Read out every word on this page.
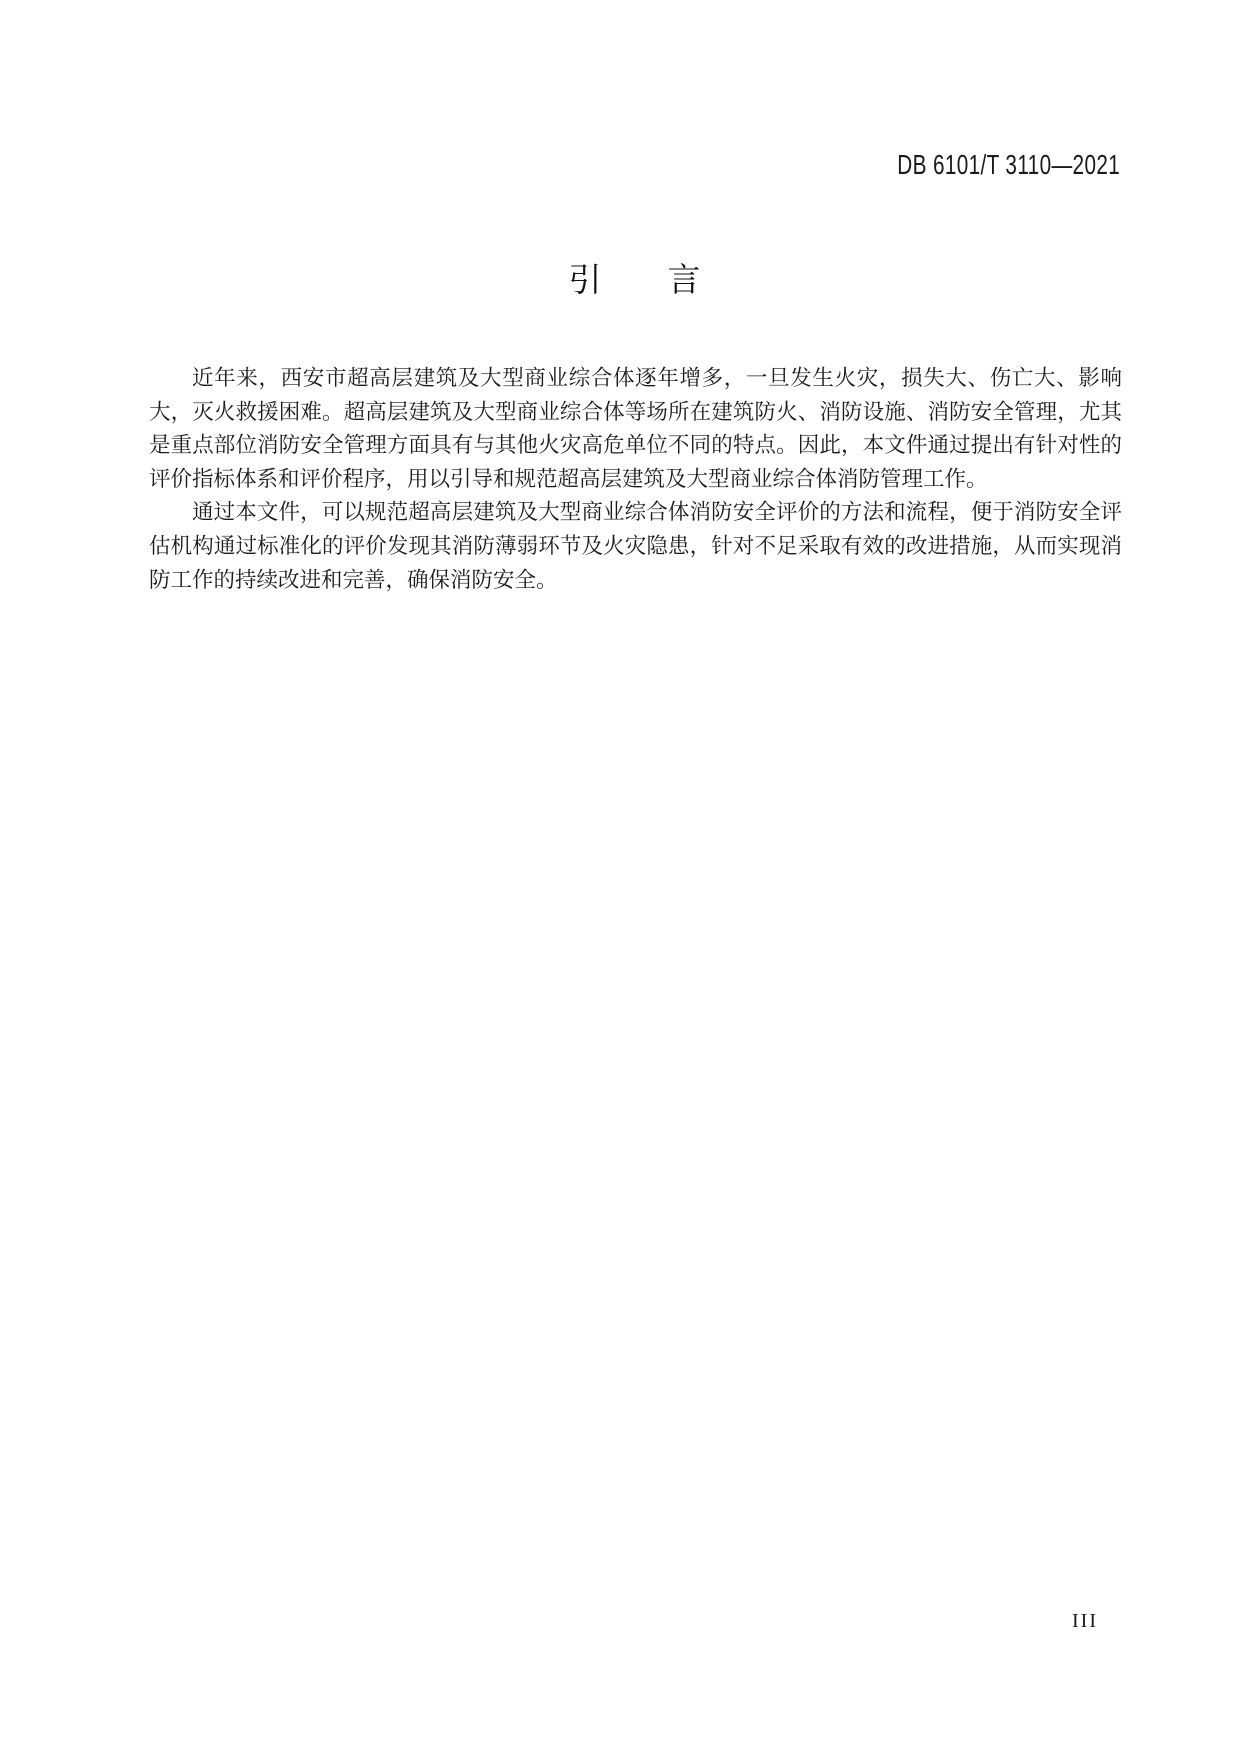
DB 6101/T 3110—2021
引　　言

近年来，西安市超高层建筑及大型商业综合体逐年增多，一旦发生火灾，损失大、伤亡大、影响大，灭火救援困难。超高层建筑及大型商业综合体等场所在建筑防火、消防设施、消防安全管理，尤其是重点部位消防安全管理方面具有与其他火灾高危单位不同的特点。因此，本文件通过提出有针对性的评价指标体系和评价程序，用以引导和规范超高层建筑及大型商业综合体消防管理工作。

通过本文件，可以规范超高层建筑及大型商业综合体消防安全评价的方法和流程，便于消防安全评估机构通过标准化的评价发现其消防薄弱环节及火灾隐患，针对不足采取有效的改进措施，从而实现消防工作的持续改进和完善，确保消防安全。

III
